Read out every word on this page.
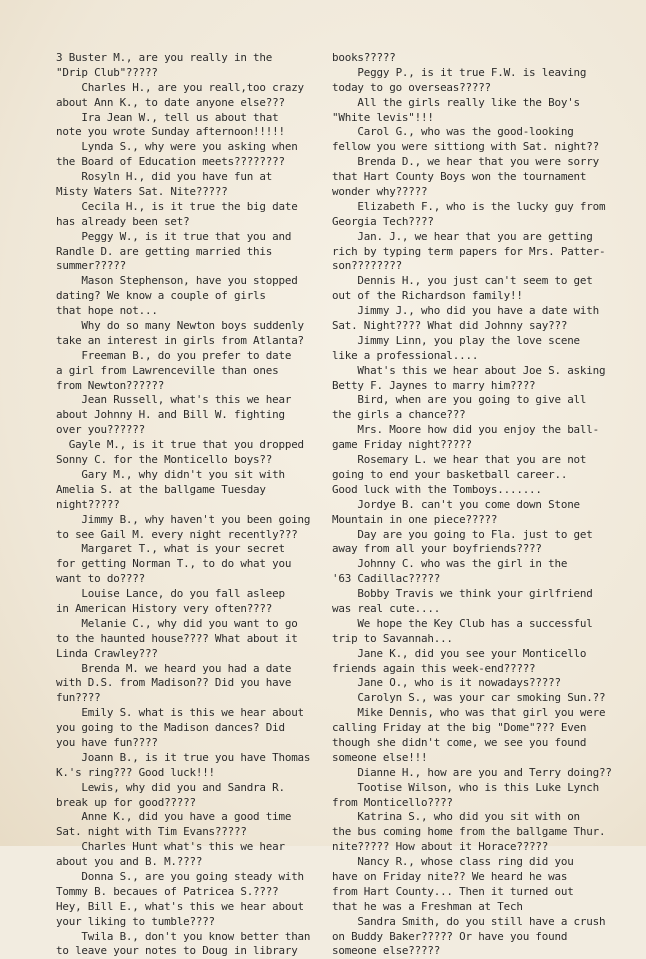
3 Buster M., are you really in the
"Drip Club"?????
Charles H., are you reall,too crazy
about Ann K., to date anyone else???
Ira Jean W., tell us about that
note you wrote Sunday afternoon!!!!!
Lynda S., why were you asking when
the Board of Education meets????????
Rosyln H., did you have fun at
Misty Waters Sat. Nite?????
Cecila H., is it true the big date
has already been set?
Peggy W., is it true that you and
Randle D. are getting married this
summer?????
Mason Stephenson, have you stopped
dating? We know a couple of girls
that hope not...
Why do so many Newton boys suddenly
take an interest in girls from Atlanta?
Freeman B., do you prefer to date
a girl from Lawrenceville than ones
from Newton??????
Jean Russell, what's this we hear
about Johnny H. and Bill W. fighting
over you??????
Gayle M., is it true that you dropped
Sonny C. for the Monticello boys??
Gary M., why didn't you sit with
Amelia S. at the ballgame Tuesday
night?????
Jimmy B., why haven't you been going
to see Gail M. every night recently???
Margaret T., what is your secret
for getting Norman T., to do what you
want to do????
Louise Lance, do you fall asleep
in American History very often????
Melanie C., why did you want to go
to the haunted house???? What about it
Linda Crawley???
Brenda M. we heard you had a date
with D.S. from Madison?? Did you have
fun????
Emily S. what is this we hear about
you going to the Madison dances? Did
you have fun????
Joann B., is it true you have Thomas
K.'s ring??? Good luck!!!
Lewis, why did you and Sandra R.
break up for good?????
Anne K., did you have a good time
Sat. night with Tim Evans?????
Charles Hunt what's this we hear
about you and B. M.????
Donna S., are you going steady with
Tommy B. becaues of Patricea S.????
Hey, Bill E., what's this we hear about
your liking to tumble????
Twila B., don't you know better than
to leave your notes to Doug in library
books?????
Peggy P., is it true F.W. is leaving
today to go overseas?????
All the girls really like the Boy's
"White levis"!!!
Carol G., who was the good-looking
fellow you were sittiong with Sat. night??
Brenda D., we hear that you were sorry
that Hart County Boys won the tournament
wonder why?????
Elizabeth F., who is the lucky guy from
Georgia Tech????
Jan. J., we hear that you are getting
rich by typing term papers for Mrs. Patter-
son????????
Dennis H., you just can't seem to get
out of the Richardson family!!
Jimmy J., who did you have a date with
Sat. Night???? What did Johnny say???
Jimmy Linn, you play the love scene
like a professional....
What's this we hear about Joe S. asking
Betty F. Jaynes to marry him????
Bird, when are you going to give all
the girls a chance???
Mrs. Moore how did you enjoy the ball-
game Friday night?????
Rosemary L. we hear that you are not
going to end your basketball career..
Good luck with the Tomboys.......
Jordye B. can't you come down Stone
Mountain in one piece?????
Day are you going to Fla. just to get
away from all your boyfriends????
Johnny C. who was the girl in the
'63 Cadillac?????
Bobby Travis we think your girlfriend
was real cute....
We hope the Key Club has a successful
trip to Savannah...
Jane K., did you see your Monticello
friends again this week-end?????
Jane O., who is it nowadays?????
Carolyn S., was your car smoking Sun.??
Mike Dennis, who was that girl you were
calling Friday at the big "Dome"??? Even
though she didn't come, we see you found
someone else!!!
Dianne H., how are you and Terry doing??
Tootise Wilson, who is this Luke Lynch
from Monticello????
Katrina S., who did you sit with on
the bus coming home from the ballgame Thur.
nite????? How about it Horace?????
Nancy R., whose class ring did you
have on Friday nite?? We heard he was
from Hart County... Then it turned out
that he was a Freshman at Tech
Sandra Smith, do you still have a crush
on Buddy Baker????? Or have you found
someone else?????
